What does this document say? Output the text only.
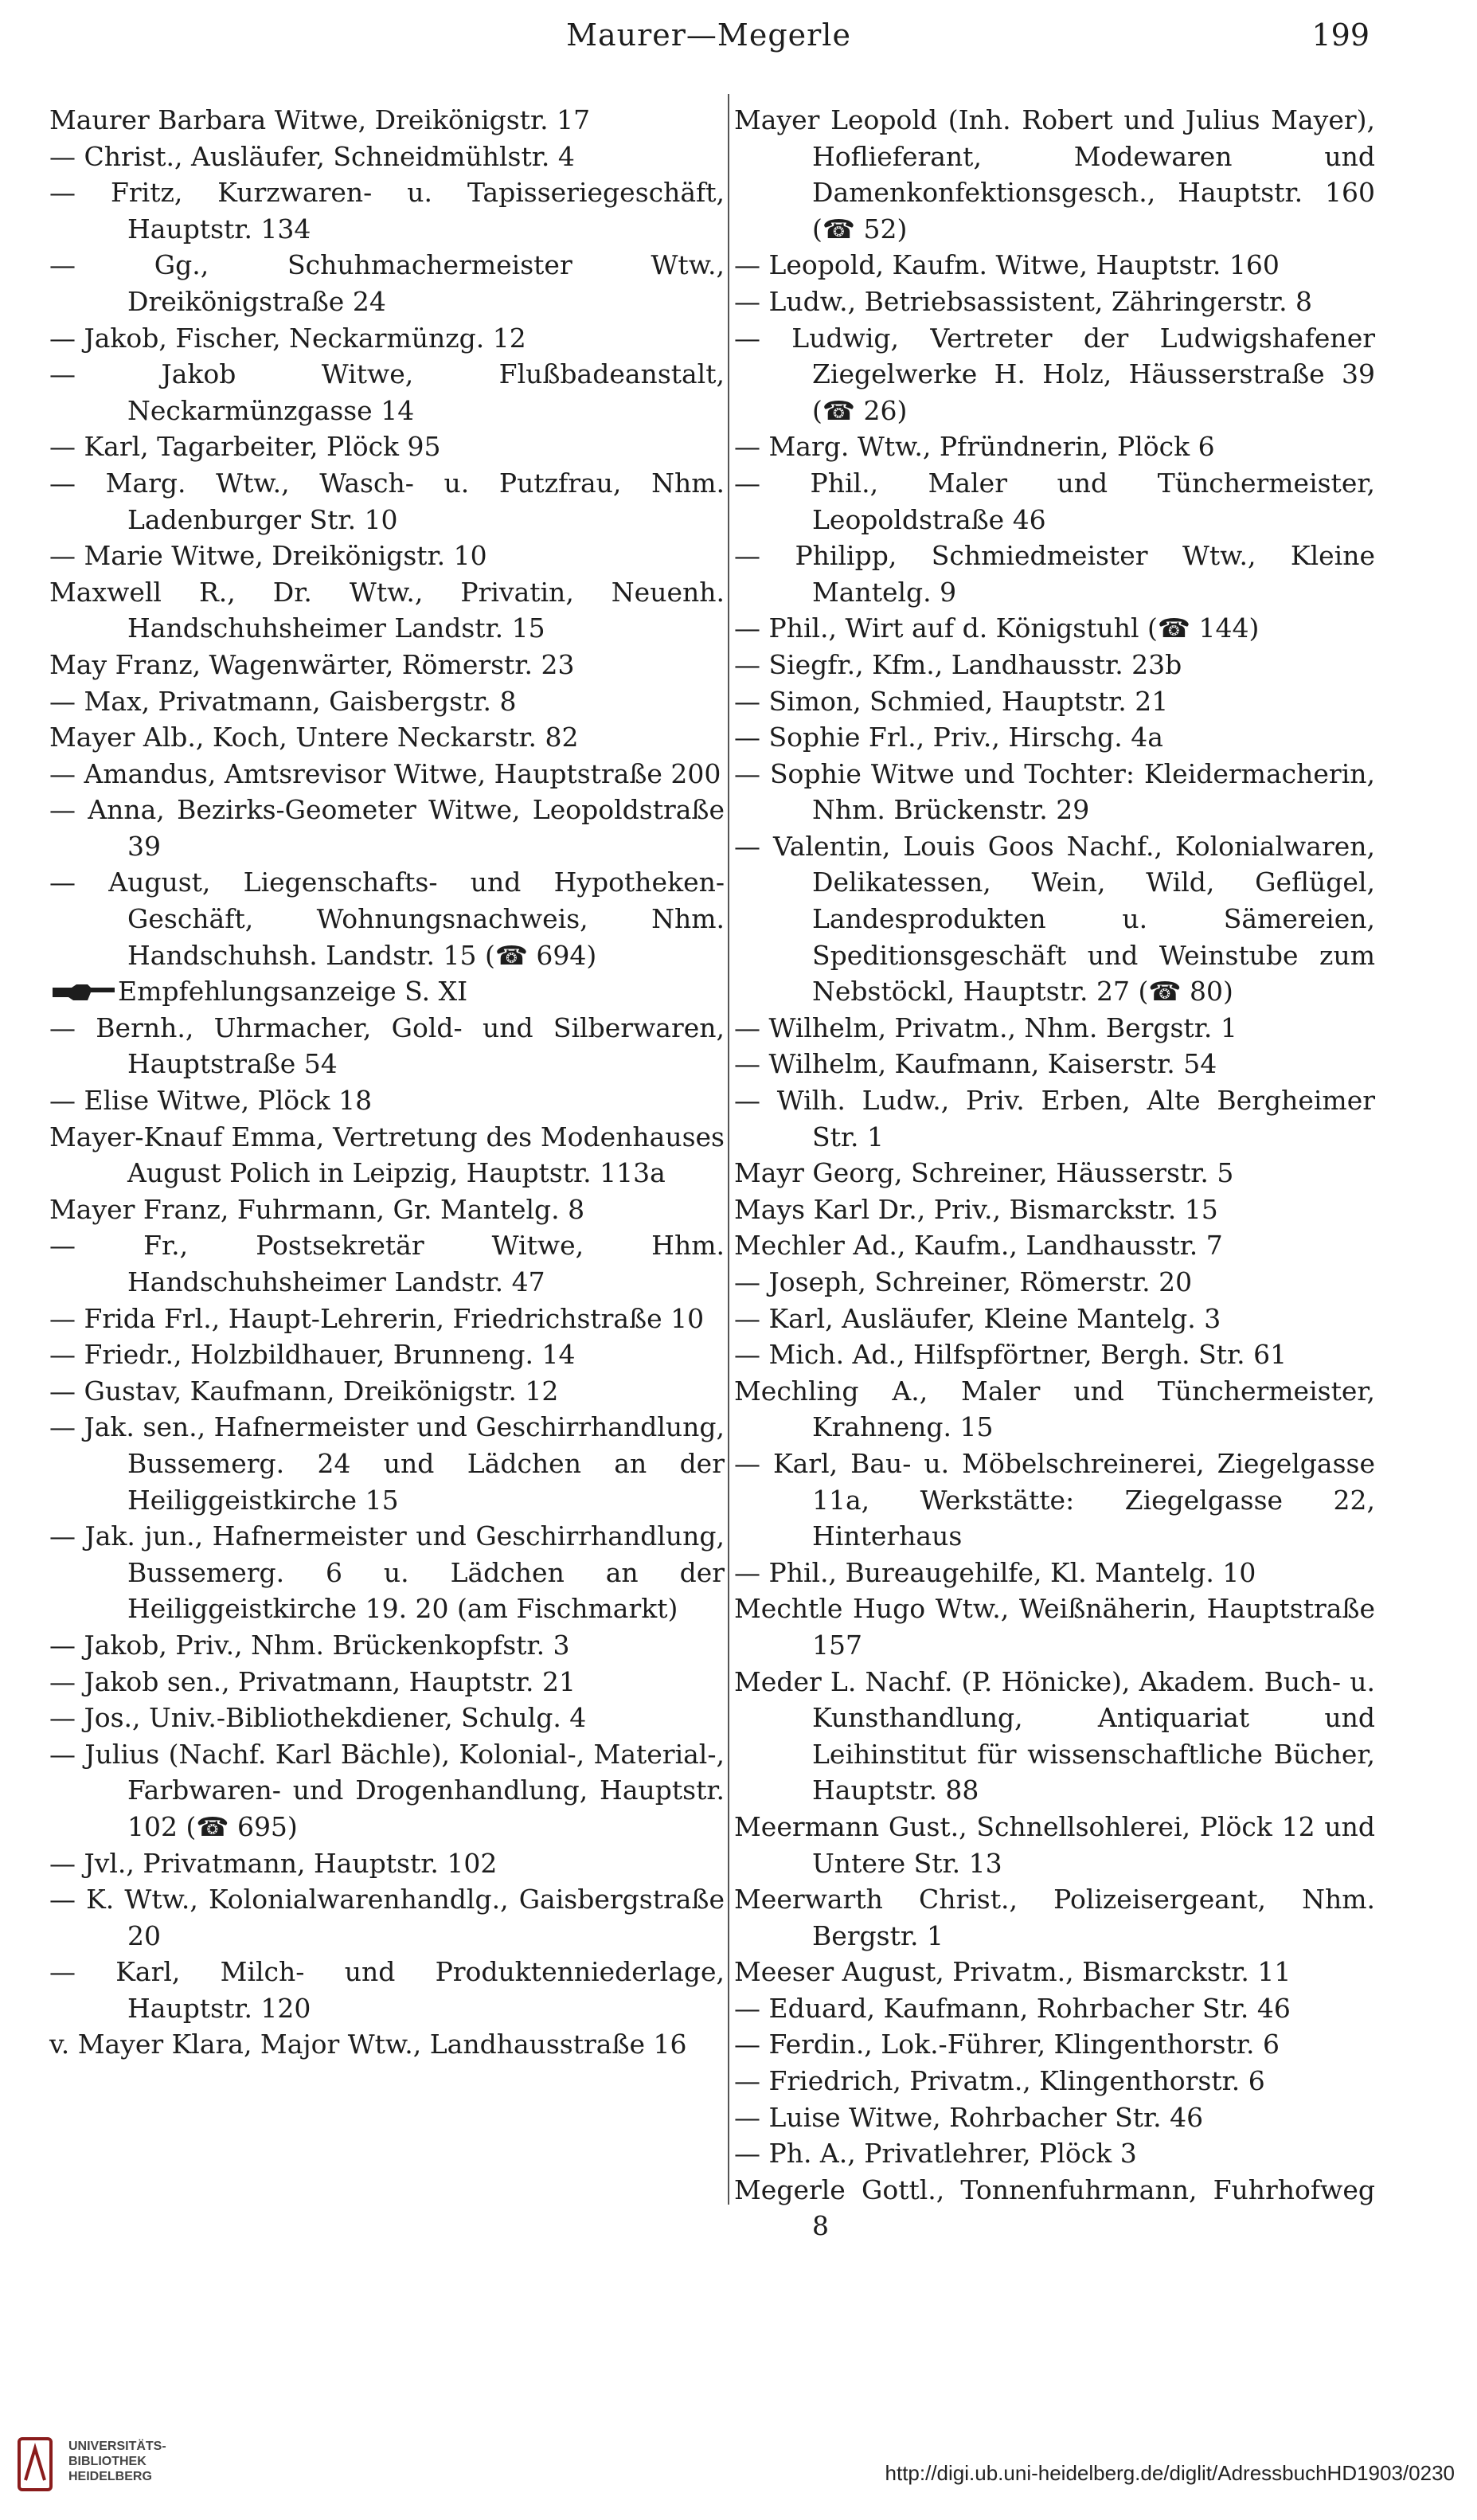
Maurer—Megerle	199

Maurer Barbara Witwe, Dreikönigstr. 17

— Christ., Ausläufer, Schneidmühlstr. 4

— Fritz, Kurzwaren- u. Tapisseriegeschäft, Hauptstr. 134

— Gg., Schuhmachermeister Wtw., Dreikönigstraße 24

— Jakob, Fischer, Neckarmünzg. 12

— Jakob Witwe, Flußbadeanstalt, Neckarmünzgasse 14

— Karl, Tagarbeiter, Plöck 95

— Marg. Wtw., Wasch- u. Putzfrau, Nhm. Ladenburger Str. 10

— Marie Witwe, Dreikönigstr. 10

Maxwell R., Dr. Wtw., Privatin, Neuenh. Handschuhsheimer Landstr. 15

May Franz, Wagenwärter, Römerstr. 23

— Max, Privatmann, Gaisbergstr. 8

Mayer Alb., Koch, Untere Neckarstr. 82

— Amandus, Amtsrevisor Witwe, Hauptstraße 200

— Anna, Bezirks-Geometer Witwe, Leopoldstraße 39

— August, Liegenschafts- und Hypotheken-Geschäft, Wohnungsnachweis, Nhm. Handschuhsh. Landstr. 15 (☎ 694)

Empfehlungsanzeige S. XI

— Bernh., Uhrmacher, Gold- und Silberwaren, Hauptstraße 54

— Elise Witwe, Plöck 18

Mayer-Knauf Emma, Vertretung des Modenhauses August Polich in Leipzig, Hauptstr. 113a

Mayer Franz, Fuhrmann, Gr. Mantelg. 8

— Fr., Postsekretär Witwe, Hhm. Handschuhsheimer Landstr. 47

— Frida Frl., Haupt-Lehrerin, Friedrichstraße 10

— Friedr., Holzbildhauer, Brunneng. 14

— Gustav, Kaufmann, Dreikönigstr. 12

— Jak. sen., Hafnermeister und Geschirrhandlung, Bussemerg. 24 und Lädchen an der Heiliggeistkirche 15

— Jak. jun., Hafnermeister und Geschirrhandlung, Bussemerg. 6 u. Lädchen an der Heiliggeistkirche 19. 20 (am Fischmarkt)

— Jakob, Priv., Nhm. Brückenkopfstr. 3

— Jakob sen., Privatmann, Hauptstr. 21

— Jos., Univ.-Bibliothekdiener, Schulg. 4

— Julius (Nachf. Karl Bächle), Kolonial-, Material-, Farbwaren- und Drogenhandlung, Hauptstr. 102 (☎ 695)

— Jvl., Privatmann, Hauptstr. 102

— K. Wtw., Kolonialwarenhandlg., Gaisbergstraße 20

— Karl, Milch- und Produktenniederlage, Hauptstr. 120

v. Mayer Klara, Major Wtw., Landhausstraße 16

Mayer Leopold (Inh. Robert und Julius Mayer), Hoflieferant, Modewaren und Damenkonfektionsgesch., Hauptstr. 160 (☎ 52)

— Leopold, Kaufm. Witwe, Hauptstr. 160

— Ludw., Betriebsassistent, Zähringerstr. 8

— Ludwig, Vertreter der Ludwigshafener Ziegelwerke H. Holz, Häusserstraße 39 (☎ 26)

— Marg. Wtw., Pfründnerin, Plöck 6

— Phil., Maler und Tünchermeister, Leopoldstraße 46

— Philipp, Schmiedmeister Wtw., Kleine Mantelg. 9

— Phil., Wirt auf d. Königstuhl (☎ 144)

— Siegfr., Kfm., Landhausstr. 23b

— Simon, Schmied, Hauptstr. 21

— Sophie Frl., Priv., Hirschg. 4a

— Sophie Witwe und Tochter: Kleidermacherin, Nhm. Brückenstr. 29

— Valentin, Louis Goos Nachf., Kolonialwaren, Delikatessen, Wein, Wild, Geflügel, Landesprodukten u. Sämereien, Speditionsgeschäft und Weinstube zum Nebstöckl, Hauptstr. 27 (☎ 80)

— Wilhelm, Privatm., Nhm. Bergstr. 1

— Wilhelm, Kaufmann, Kaiserstr. 54

— Wilh. Ludw., Priv. Erben, Alte Bergheimer Str. 1

Mayr Georg, Schreiner, Häusserstr. 5

Mays Karl Dr., Priv., Bismarckstr. 15

Mechler Ad., Kaufm., Landhausstr. 7

— Joseph, Schreiner, Römerstr. 20

— Karl, Ausläufer, Kleine Mantelg. 3

— Mich. Ad., Hilfspförtner, Bergh. Str. 61

Mechling A., Maler und Tünchermeister, Krahneng. 15

— Karl, Bau- u. Möbelschreinerei, Ziegelgasse 11a, Werkstätte: Ziegelgasse 22, Hinterhaus

— Phil., Bureaugehilfe, Kl. Mantelg. 10

Mechtle Hugo Wtw., Weißnäherin, Hauptstraße 157

Meder L. Nachf. (P. Hönicke), Akadem. Buch- u. Kunsthandlung, Antiquariat und Leihinstitut für wissenschaftliche Bücher, Hauptstr. 88

Meermann Gust., Schnellsohlerei, Plöck 12 und Untere Str. 13

Meerwarth Christ., Polizeisergeant, Nhm. Bergstr. 1

Meeser August, Privatm., Bismarckstr. 11

— Eduard, Kaufmann, Rohrbacher Str. 46

— Ferdin., Lok.-Führer, Klingenthorstr. 6

— Friedrich, Privatm., Klingenthorstr. 6

— Luise Witwe, Rohrbacher Str. 46

— Ph. A., Privatlehrer, Plöck 3

Megerle Gottl., Tonnenfuhrmann, Fuhrhofweg 8

UNIVERSITÄTS-
BIBLIOTHEK
HEIDELBERG	http://digi.ub.uni-heidelberg.de/diglit/AdressbuchHD1903/0230
